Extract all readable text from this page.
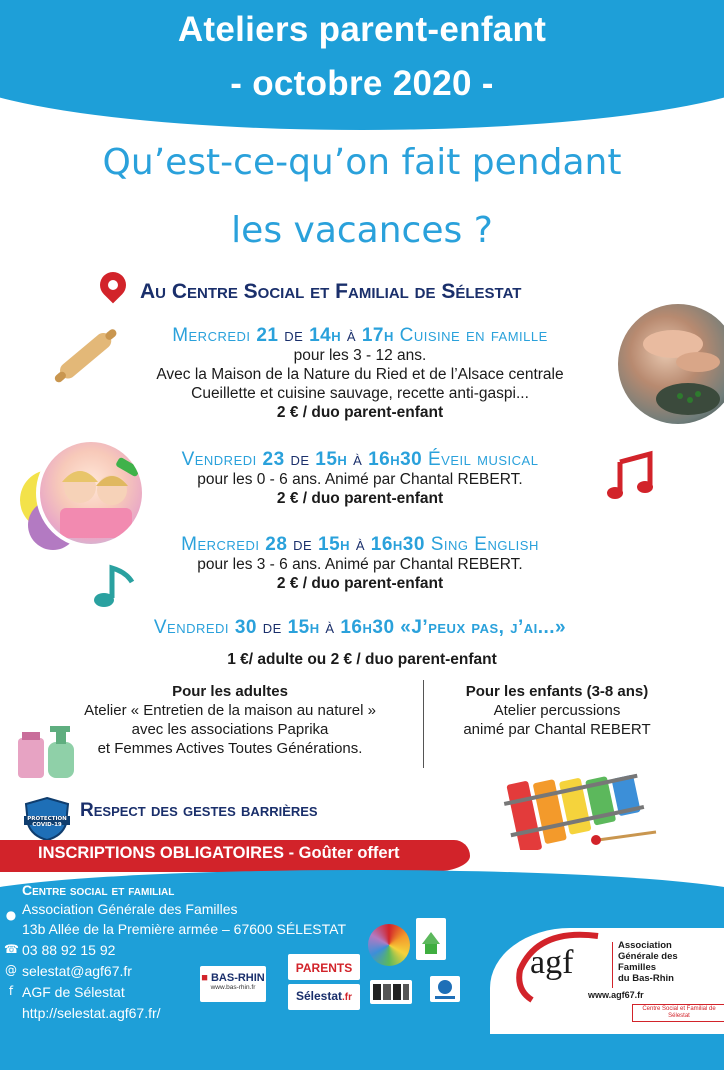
Ateliers parent-enfant
- octobre 2020 -
Qu’est-ce-qu’on fait pendant
les vacances ?
Au Centre Social et Familial de Sélestat
Mercredi 21 de 14h à 17h Cuisine en famille
pour les 3 - 12 ans.
Avec la Maison de la Nature du Ried et de l’Alsace centrale
Cueillette et cuisine sauvage, recette anti-gaspi...
2 € / duo parent-enfant
Vendredi 23 de 15h à 16h30 Éveil musical
pour les 0 - 6 ans. Animé par Chantal REBERT.
2 € / duo parent-enfant
Mercredi 28 de 15h à 16h30 Sing English
pour les 3 - 6 ans. Animé par Chantal REBERT.
2 € / duo parent-enfant
Vendredi 30 de 15h à 16h30 «J’peux pas, j’ai...»
1 €/ adulte ou 2 € / duo parent-enfant
Pour les adultes
Atelier « Entretien de la maison au naturel »
avec les associations Paprika
et Femmes Actives Toutes Générations.
Pour les enfants (3-8 ans)
Atelier percussions
animé par Chantal REBERT
PROTECTION COVID-19
Respect des gestes barrières
INSCRIPTIONS OBLIGATOIRES - Goûter offert
Centre social et familial
Association Générale des Familles
●
13b Allée de la Première armée – 67600 SÉLESTAT
☎ 03 88 92 15 92
@ selestat@agf67.fr
f AGF de Sélestat
http://selestat.agf67.fr/
■ BAS-RHIN
www.bas-rhin.fr
PARENTS
Sélestat.fr
agf	Association
Générale des
Familles
du Bas-Rhin
www.agf67.fr
Centre Social et Familial de Sélestat
